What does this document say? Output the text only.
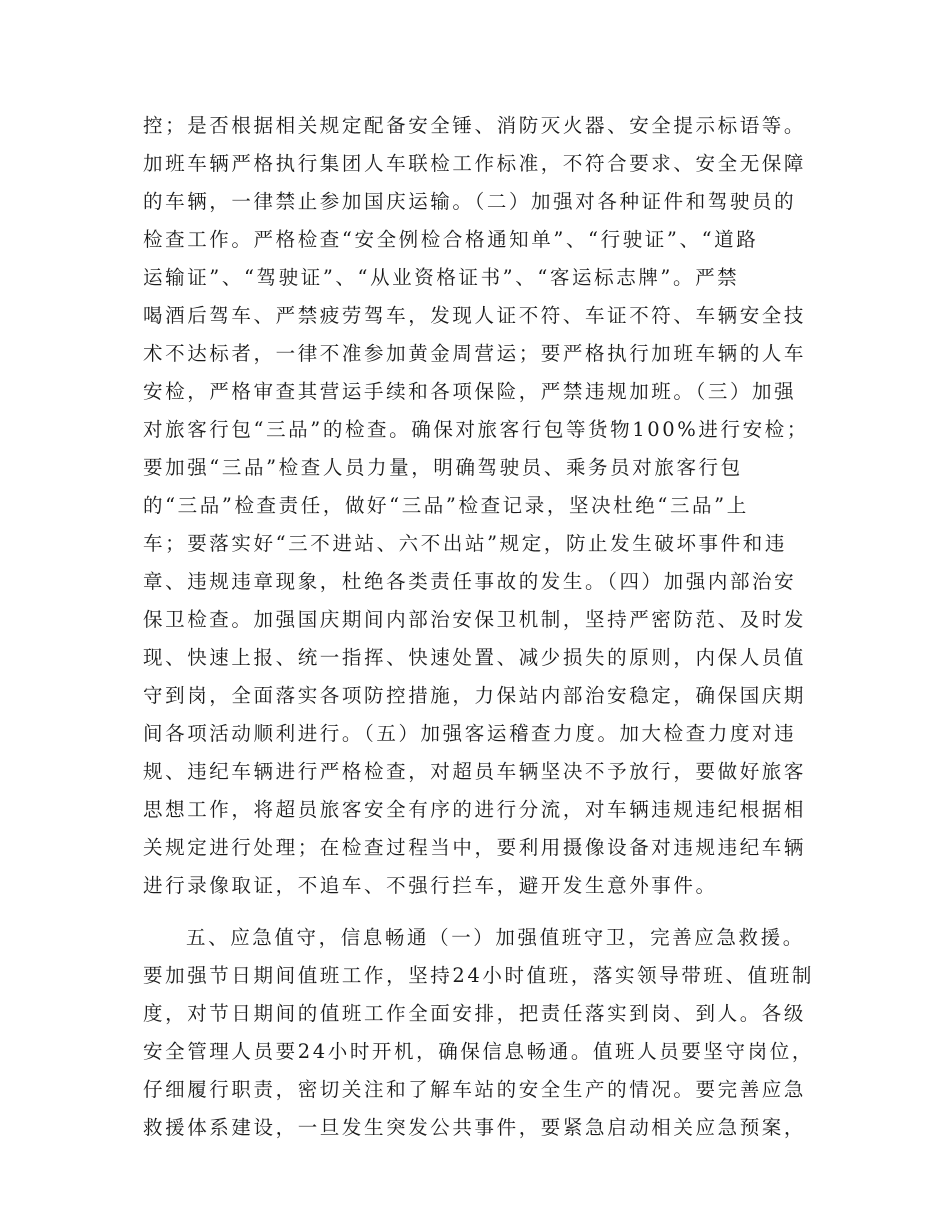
控；是否根据相关规定配备安全锤、消防灭火器、安全提示标语等。
加班车辆严格执行集团人车联检工作标准，不符合要求、安全无保障
的车辆，一律禁止参加国庆运输。（二）加强对各种证件和驾驶员的
检查工作。严格检查“安全例检合格通知单”、“行驶证”、“道路
运输证”、“驾驶证”、“从业资格证书”、“客运标志牌”。严禁
喝酒后驾车、严禁疲劳驾车，发现人证不符、车证不符、车辆安全技
术不达标者，一律不准参加黄金周营运；要严格执行加班车辆的人车
安检，严格审查其营运手续和各项保险，严禁违规加班。（三）加强
对旅客行包“三品”的检查。确保对旅客行包等货物100%进行安检；
要加强“三品”检查人员力量，明确驾驶员、乘务员对旅客行包
的“三品”检查责任，做好“三品”检查记录，坚决杜绝“三品”上
车；要落实好“三不进站、六不出站”规定，防止发生破坏事件和违
章、违规违章现象，杜绝各类责任事故的发生。（四）加强内部治安
保卫检查。加强国庆期间内部治安保卫机制，坚持严密防范、及时发
现、快速上报、统一指挥、快速处置、减少损失的原则，内保人员值
守到岗，全面落实各项防控措施，力保站内部治安稳定，确保国庆期
间各项活动顺利进行。（五）加强客运稽查力度。加大检查力度对违
规、违纪车辆进行严格检查，对超员车辆坚决不予放行，要做好旅客
思想工作，将超员旅客安全有序的进行分流，对车辆违规违纪根据相
关规定进行处理；在检查过程当中，要利用摄像设备对违规违纪车辆
进行录像取证，不追车、不强行拦车，避开发生意外事件。
五、应急值守，信息畅通（一）加强值班守卫，完善应急救援。
要加强节日期间值班工作，坚持24小时值班，落实领导带班、值班制
度，对节日期间的值班工作全面安排，把责任落实到岗、到人。各级
安全管理人员要24小时开机，确保信息畅通。值班人员要坚守岗位，
仔细履行职责，密切关注和了解车站的安全生产的情况。要完善应急
救援体系建设，一旦发生突发公共事件，要紧急启动相关应急预案，
